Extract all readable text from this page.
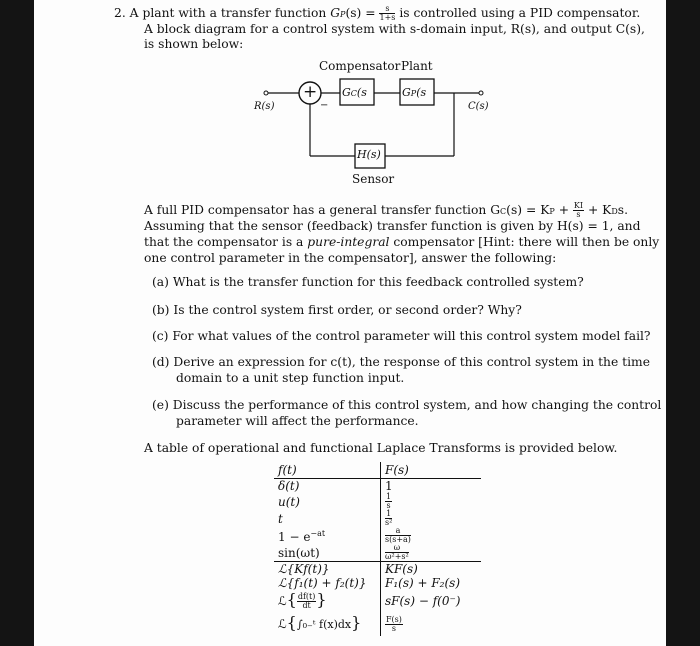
2. A plant with a transfer function $GP(s) = \frac{s}{1+s}$ is controlled using a PID compensator.
A block diagram for a control system with s-domain input, R(s), and output C(s),
is shown below:
Compensator Plant
+ GC(s	GP(s
H(s)
R(s)	C(s)
−
Sensor
A full PID compensator has a general transfer function GC(s) = KP + $\frac{KI}{s}$ + KDs.
Assuming that the sensor (feedback) transfer function is given by H(s) = 1, and
that the compensator is a pure-integral compensator [Hint: there will then be only
one control parameter in the compensator], answer the following:
(a) What is the transfer function for this feedback controlled system?
(b) Is the control system first order, or second order? Why?
(c) For what values of the control parameter will this control system model fail?
(d) Derive an expression for c(t), the response of this control system in the time
domain to a unit step function input.
(e) Discuss the performance of this control system, and how changing the control
parameter will affect the performance.
A table of operational and functional Laplace Transforms is provided below.
f(t)	F(s)
δ(t)	1
u(t)	$\frac{1}{s}$

t	$\frac{1}{\text{s²}}$

$1 - e^{-at}$	$\frac{a}{s(s+a)}$

sin(ωt)	$\frac{\omega}{\text{ω²+s²}}$

ℒ{Kf(t)}	KF(s)
ℒ{f₁(t) + f₂(t)}	F₁(s) + F₂(s)
ℒ{ $\frac{df(t)}{dt}$ }	sF(s) − f(0⁻)
ℒ{∫₀₋ᵗ f(x)dx}	$\frac{F(s)}{s}$
